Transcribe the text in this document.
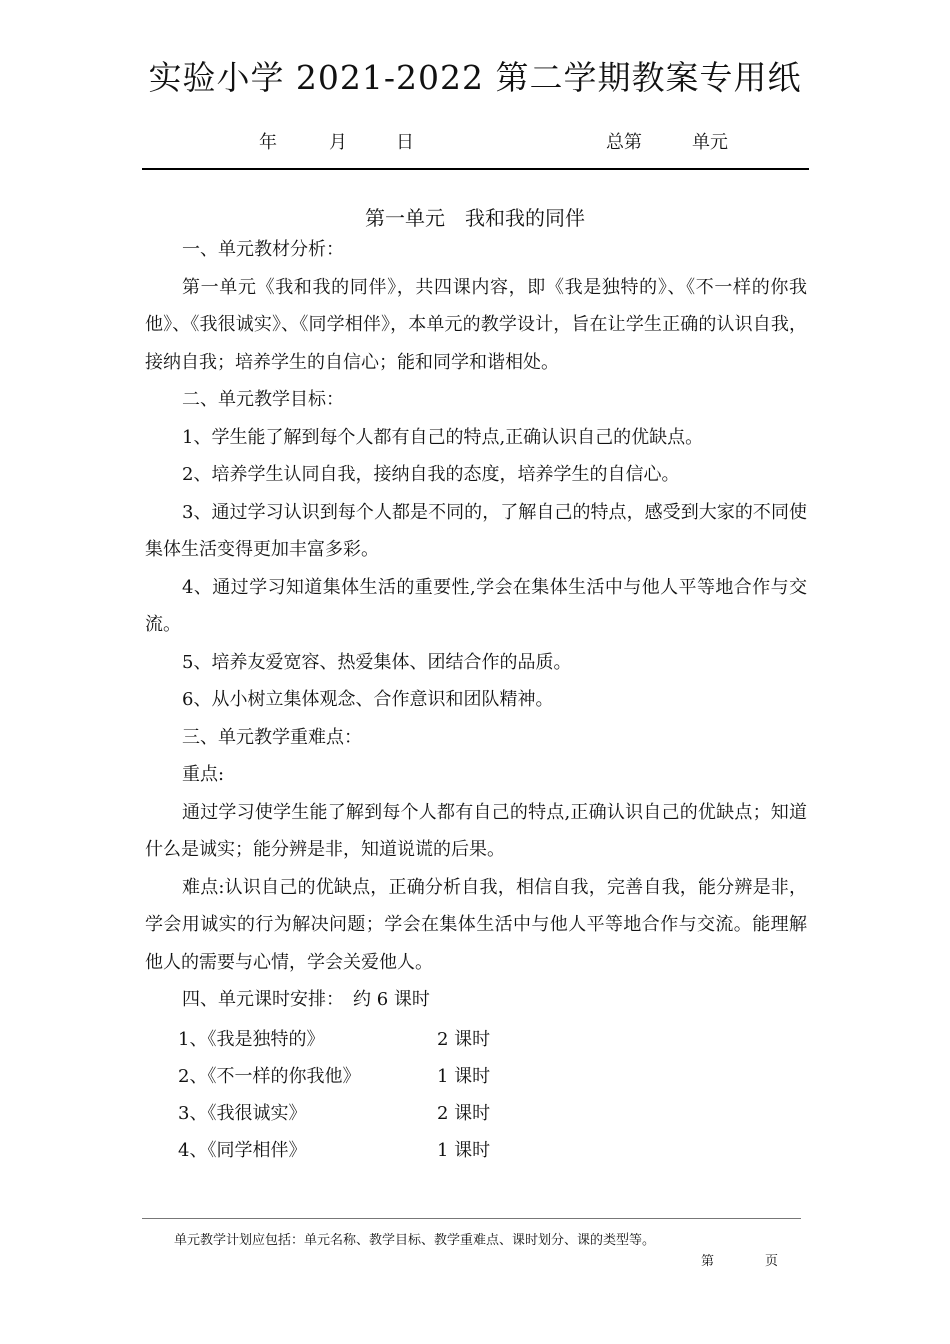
实验小学 2021-2022 第二学期教案专用纸
年	月	日	总第	单元
第一单元　我和我的同伴

一、单元教材分析：

第一单元《我和我的同伴》，共四课内容，即《我是独特的》、《不一样的你我他》、《我很诚实》、《同学相伴》，本单元的教学设计，旨在让学生正确的认识自我，接纳自我；培养学生的自信心；能和同学和谐相处。

二、单元教学目标：

1、学生能了解到每个人都有自己的特点,正确认识自己的优缺点。

2、培养学生认同自我，接纳自我的态度，培养学生的自信心。

3、通过学习认识到每个人都是不同的，了解自己的特点，感受到大家的不同使集体生活变得更加丰富多彩。

4、通过学习知道集体生活的重要性,学会在集体生活中与他人平等地合作与交流。

5、培养友爱宽容、热爱集体、团结合作的品质。

6、从小树立集体观念、合作意识和团队精神。

三、单元教学重难点：

重点:

通过学习使学生能了解到每个人都有自己的特点,正确认识自己的优缺点；知道什么是诚实；能分辨是非，知道说谎的后果。

难点:认识自己的优缺点，正确分析自我，相信自我，完善自我，能分辨是非，学会用诚实的行为解决问题；学会在集体生活中与他人平等地合作与交流。能理解他人的需要与心情，学会关爱他人。

四、单元课时安排：　约 6 课时

1、《我是独特的》	2 课时
2、《不一样的你我他》	1 课时
3、《我很诚实》	2 课时
4、《同学相伴》	1 课时
单元教学计划应包括：单元名称、教学目标、教学重难点、课时划分、课的类型等。
第	页
